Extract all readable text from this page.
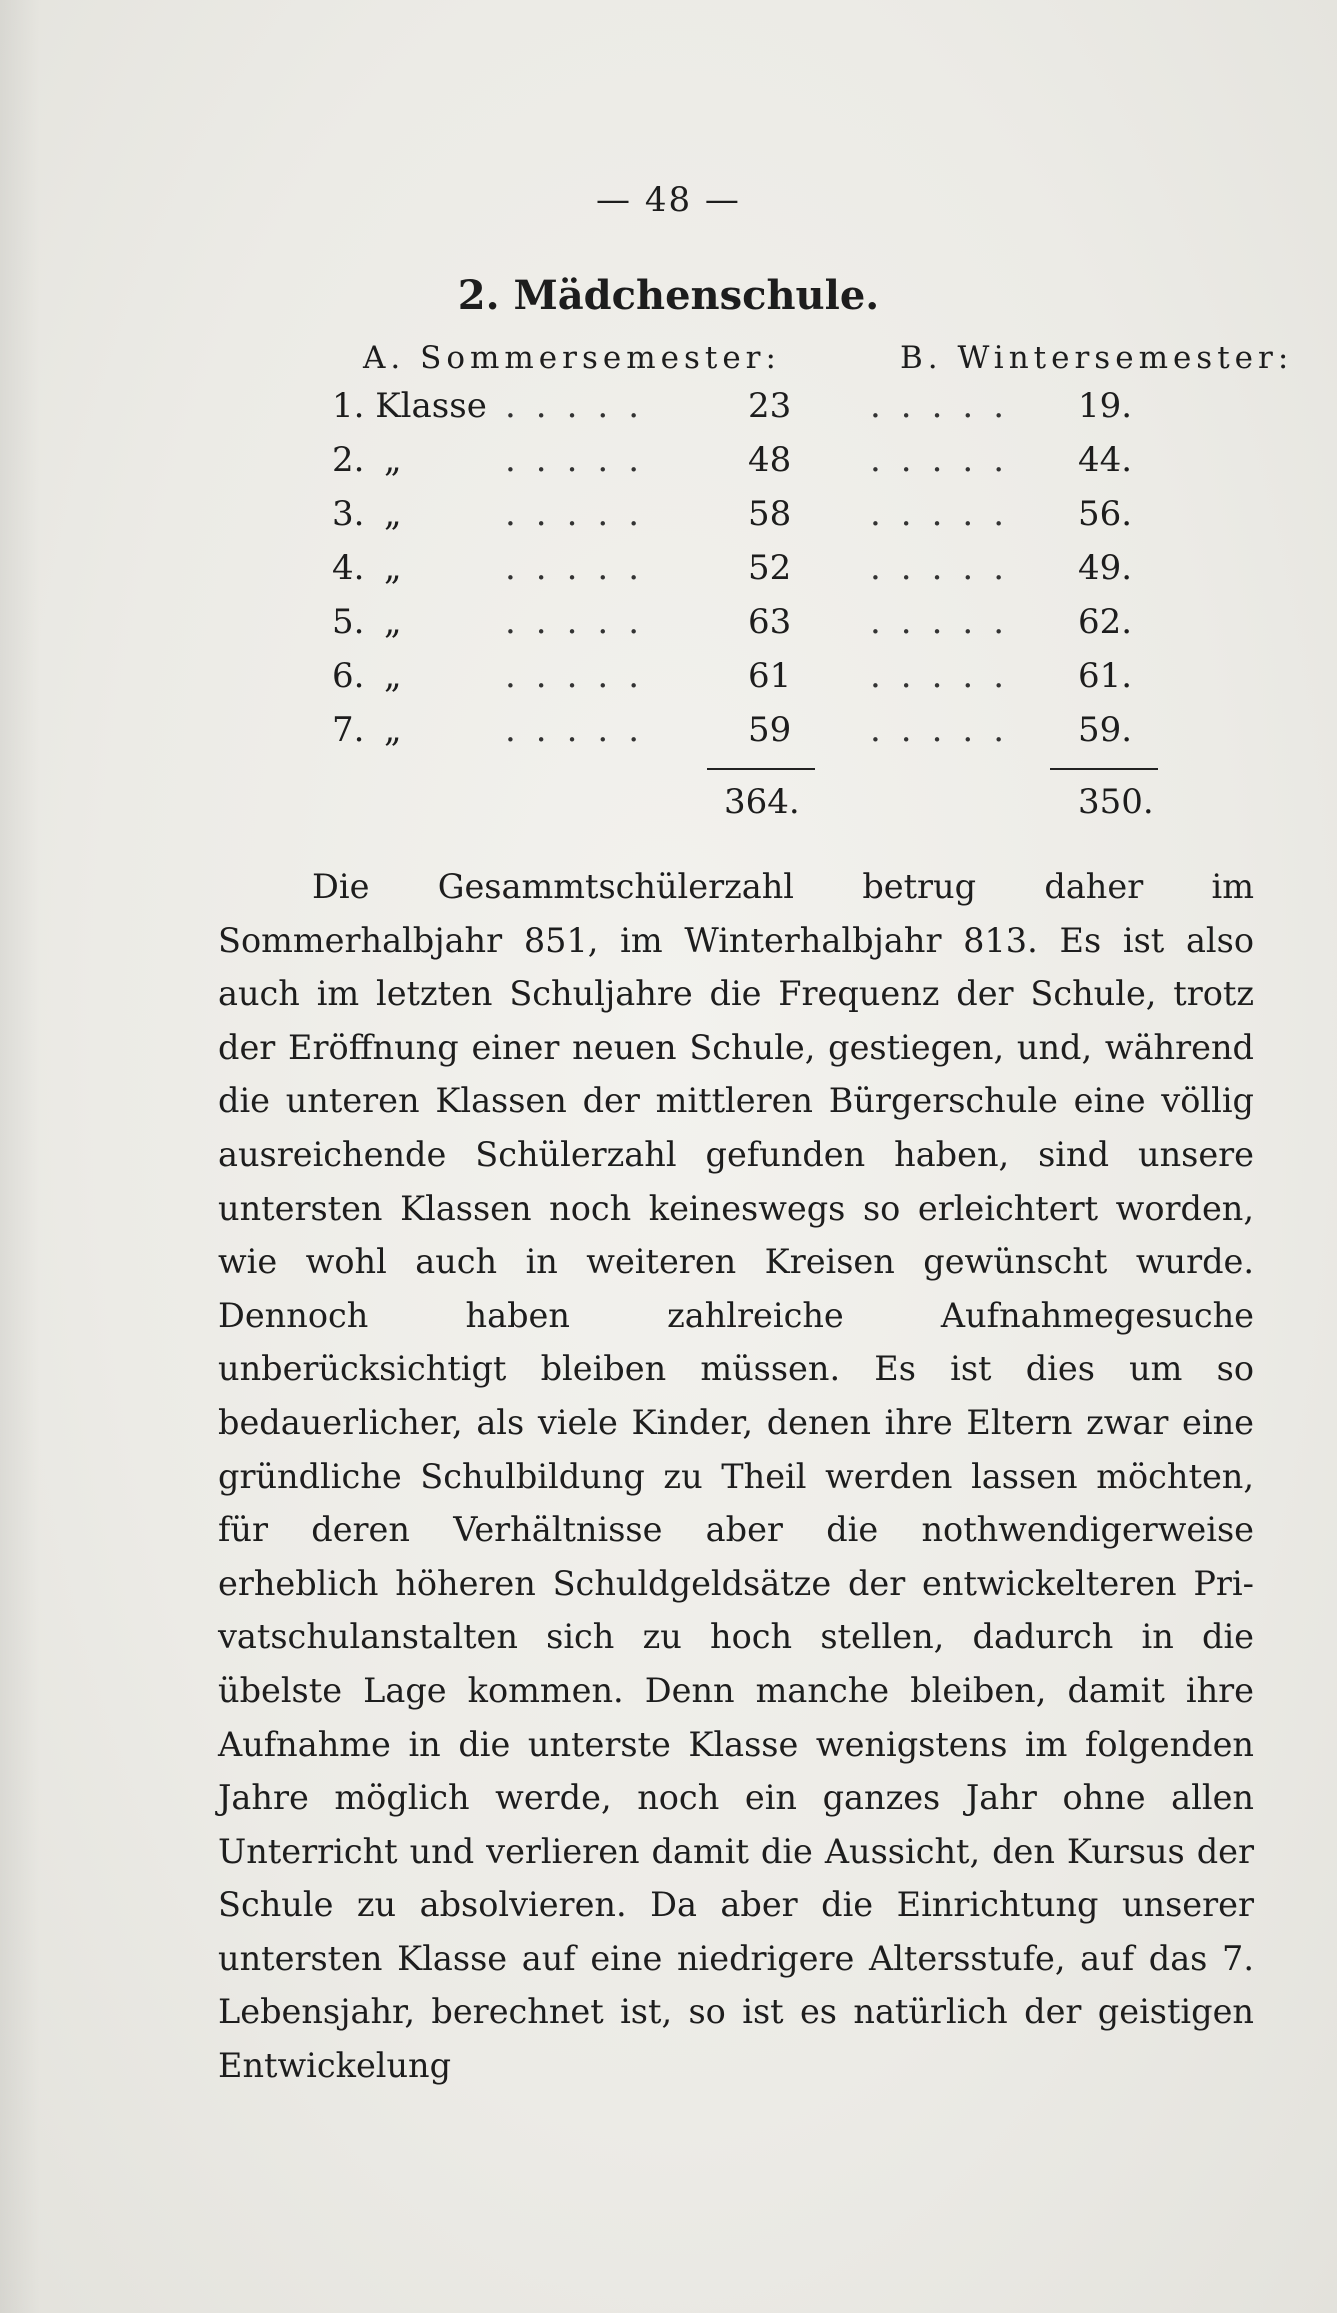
— 48 —
2. Mädchenschule.
A. Sommersemester:	B. Wintersemester:
1. Klasse .....	23 ..... 19.
2. „	.....	48 ..... 44.
3. „	.....	58 ..... 56.
4. „	.....	52 ..... 49.
5. „	.....	63 ..... 62.
6. „	.....	61 ..... 61.
7. „	.....	59 ..... 59.
364.	350.
Die Gesammtschülerzahl betrug daher im Sommerhalbjahr 851, im Winterhalbjahr 813. Es ist also auch im letzten Schuljahre die Frequenz der Schule, trotz der Eröffnung einer neuen Schule, gestiegen, und, während die unteren Klassen der mittleren Bürgerschule eine völlig ausreichende Schülerzahl gefunden haben, sind unsere untersten Klassen noch keineswegs so erleichtert worden, wie wohl auch in weiteren Kreisen gewünscht wurde. Dennoch haben zahlreiche Aufnahmegesuche unberücksichtigt bleiben müssen. Es ist dies um so bedauerlicher, als viele Kinder, denen ihre Eltern zwar eine gründliche Schulbildung zu Theil werden lassen möchten, für deren Verhältnisse aber die nothwendigerweise erheblich höheren Schuldgeldsätze der entwickelteren Privatschulanstalten sich zu hoch stellen, dadurch in die übelste Lage kommen. Denn manche bleiben, damit ihre Aufnahme in die unterste Klasse wenigstens im folgenden Jahre möglich werde, noch ein ganzes Jahr ohne allen Unterricht und verlieren damit die Aussicht, den Kursus der Schule zu absolvieren. Da aber die Einrichtung unserer untersten Klasse auf eine niedrigere Altersstufe, auf das 7. Lebensjahr, berechnet ist, so ist es natürlich der geistigen Entwickelung
